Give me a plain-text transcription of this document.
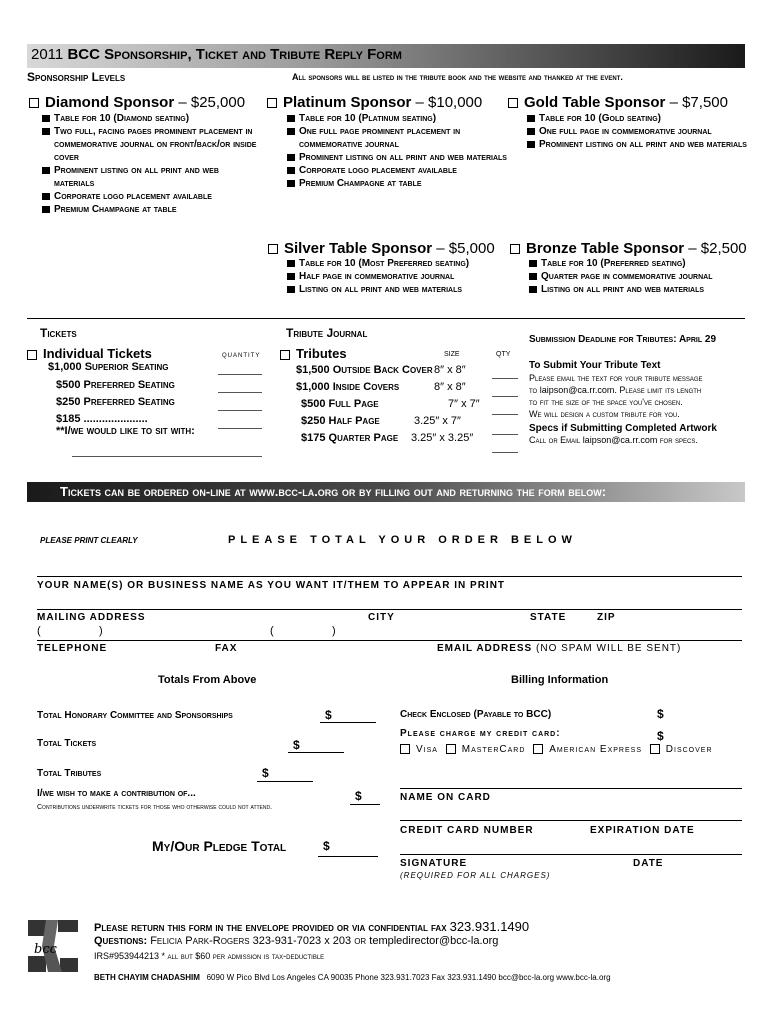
2011 BCC Sponsorship, Ticket and Tribute Reply Form
Sponsorship Levels	All sponsors will be listed in the tribute book and the website and thanked at the event.
Diamond Sponsor – $25,000
Table for 10 (Diamond seating)
Two full, facing pages prominent placement in commemorative journal on front/back/or inside cover
Prominent listing on all print and web materials
Corporate logo placement available
Premium Champagne at table
Platinum Sponsor – $10,000
Table for 10 (Platinum seating)
One full page prominent placement in commemorative journal
Prominent listing on all print and web materials
Corporate logo placement available
Premium Champagne at table
Gold Table Sponsor – $7,500
Table for 10 (Gold seating)
One full page in commemorative journal
Prominent listing on all print and web materials
Silver Table Sponsor – $5,000
Table for 10 (Most Preferred seating)
Half page in commemorative journal
Listing on all print and web materials
Bronze Table Sponsor – $2,500
Table for 10 (Preferred seating)
Quarter page in commemorative journal
Listing on all print and web materials
Tickets
Individual Tickets	quantity
$1,000 Superior Seating
$500 Preferred Seating
$250 Preferred Seating
$185 .....................
**I/we would like to sit with:
Tribute Journal
Tributes	size	qty
$1,500 Outside Back Cover 8″ x 8″
$1,000 Inside Covers	8″ x 8″
$500 Full Page	7″ x 7″
$250 Half Page	3.25″ x 7″
$175 Quarter Page 3.25″ x 3.25″
Submission Deadline for Tributes: April 29
To Submit Your Tribute Text
Please email the text for your tribute message
to laipson@ca.rr.com. Please limit its length
to fit the size of the space you've chosen.
We will design a custom tribute for you.
Specs if Submitting Completed Artwork
Call or Email laipson@ca.rr.com for specs.
Tickets can be ordered on-line at www.bcc-la.org or by filling out and returning the form below:
PLEASE PRINT CLEARLY	PLEASE TOTAL YOUR ORDER BELOW
YOUR NAME(S) OR BUSINESS NAME AS YOU WANT IT/THEM TO APPEAR IN PRINT
MAILING ADDRESS	CITY	STATE	ZIP
(	)	(	)
TELEPHONE	FAX	EMAIL ADDRESS (NO SPAM WILL BE SENT)
Totals From Above
Total Honorary Committee and Sponsorships	$
Total Tickets	$
Total Tributes	$
I/we wish to make a contribution of...	$
Contributions underwrite tickets for those who otherwise could not attend.
My/Our Pledge Total	$
Billing Information
Check Enclosed (Payable to BCC)	$
Please charge my credit card:	$
Visa MasterCard American Express Discover
NAME ON CARD
CREDIT CARD NUMBER	EXPIRATION DATE
SIGNATURE	DATE
(REQUIRED FOR ALL CHARGES)
bcc
Please return this form in the envelope provided or via confidential fax 323.931.1490
Questions: Felicia Park-Rogers 323-931-7023 x 203 or templedirector@bcc-la.org
IRS#953944213 * all but $60 per admission is tax-deductible
BETH CHAYIM CHADASHIM 6090 W Pico Blvd Los Angeles CA 90035 Phone 323.931.7023 Fax 323.931.1490 bcc@bcc-la.org www.bcc-la.org
